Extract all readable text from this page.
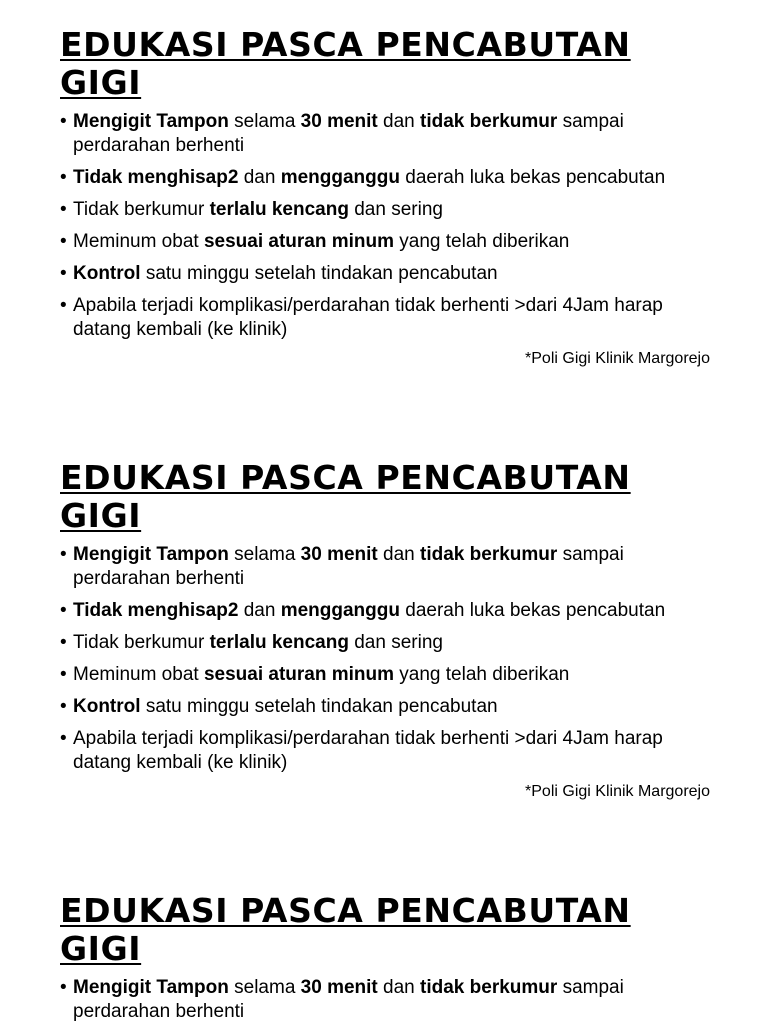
EDUKASI PASCA PENCABUTAN GIGI
• Mengigit Tampon selama 30 menit dan tidak berkumur sampai perdarahan berhenti
• Tidak menghisap2 dan mengganggu daerah luka bekas pencabutan
• Tidak berkumur terlalu kencang dan sering
• Meminum obat sesuai aturan minum yang telah diberikan
• Kontrol satu minggu setelah tindakan pencabutan
• Apabila terjadi komplikasi/perdarahan tidak berhenti >dari 4Jam harap datang kembali (ke klinik)
*Poli Gigi Klinik Margorejo
EDUKASI PASCA PENCABUTAN GIGI
• Mengigit Tampon selama 30 menit dan tidak berkumur sampai perdarahan berhenti
• Tidak menghisap2 dan mengganggu daerah luka bekas pencabutan
• Tidak berkumur terlalu kencang dan sering
• Meminum obat sesuai aturan minum yang telah diberikan
• Kontrol satu minggu setelah tindakan pencabutan
• Apabila terjadi komplikasi/perdarahan tidak berhenti >dari 4Jam harap datang kembali (ke klinik)
*Poli Gigi Klinik Margorejo
EDUKASI PASCA PENCABUTAN GIGI
• Mengigit Tampon selama 30 menit dan tidak berkumur sampai perdarahan berhenti
